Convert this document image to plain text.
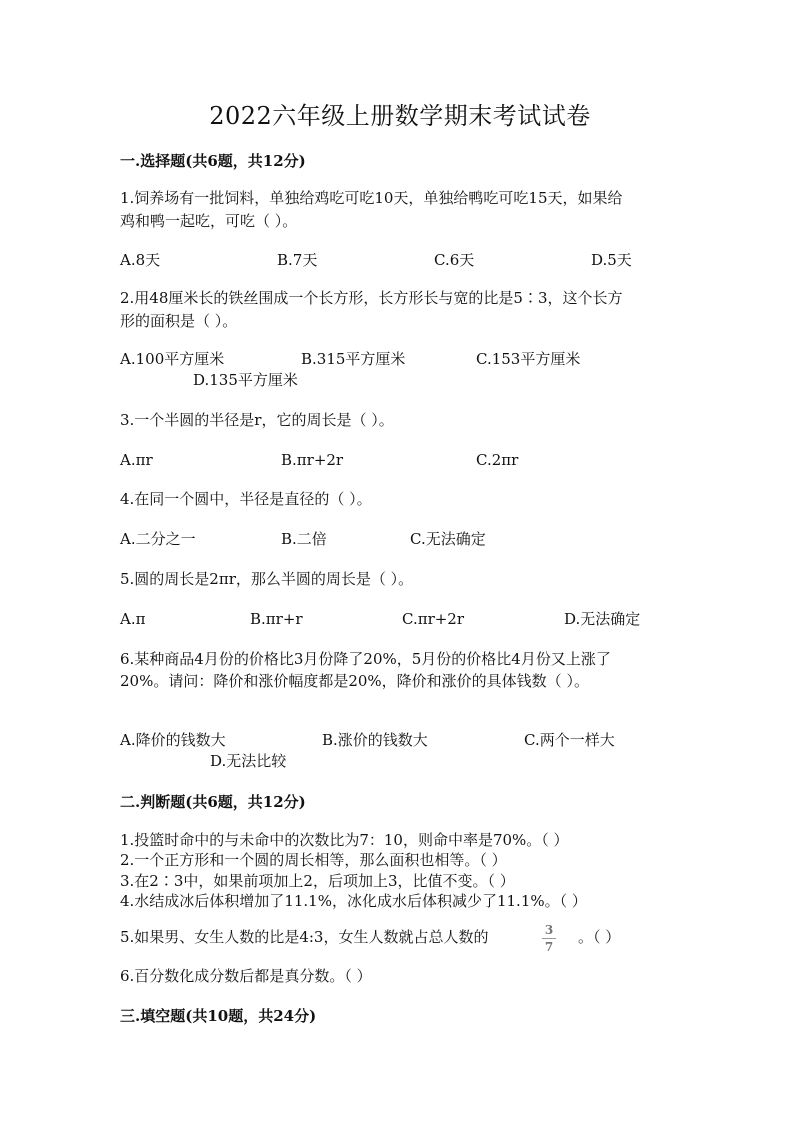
2022六年级上册数学期末考试试卷
一.选择题(共6题，共12分)
1.饲养场有一批饲料，单独给鸡吃可吃10天，单独给鸭吃可吃15天，如果给
鸡和鸭一起吃，可吃（ ）。
A.8天	B.7天	C.6天	D.5天
2.用48厘米长的铁丝围成一个长方形，长方形长与宽的比是5∶3，这个长方
形的面积是（ ）。
A.100平方厘米	B.315平方厘米	C.153平方厘米
D.135平方厘米
3.一个半圆的半径是r，它的周长是（ ）。
A.πr	B.πr+2r	C.2πr
4.在同一个圆中，半径是直径的（ ）。
A.二分之一	B.二倍	C.无法确定
5.圆的周长是2πr，那么半圆的周长是（ ）。
A.π	B.πr+r	C.πr+2r	D.无法确定
6.某种商品4月份的价格比3月份降了20%，5月份的价格比4月份又上涨了
20%。请问：降价和涨价幅度都是20%，降价和涨价的具体钱数（ ）。
A.降价的钱数大	B.涨价的钱数大	C.两个一样大
D.无法比较
二.判断题(共6题，共12分)
1.投篮时命中的与未命中的次数比为7：10，则命中率是70%。（ ）
2.一个正方形和一个圆的周长相等，那么面积也相等。（ ）
3.在2∶3中，如果前项加上2，后项加上3，比值不变。（ ）
4.水结成冰后体积增加了11.1%，冰化成水后体积减少了11.1%。（ ）
5.如果男、女生人数的比是4:3，女生人数就占总人数的	3
7
。（ ）
6.百分数化成分数后都是真分数。（ ）
三.填空题(共10题，共24分)
